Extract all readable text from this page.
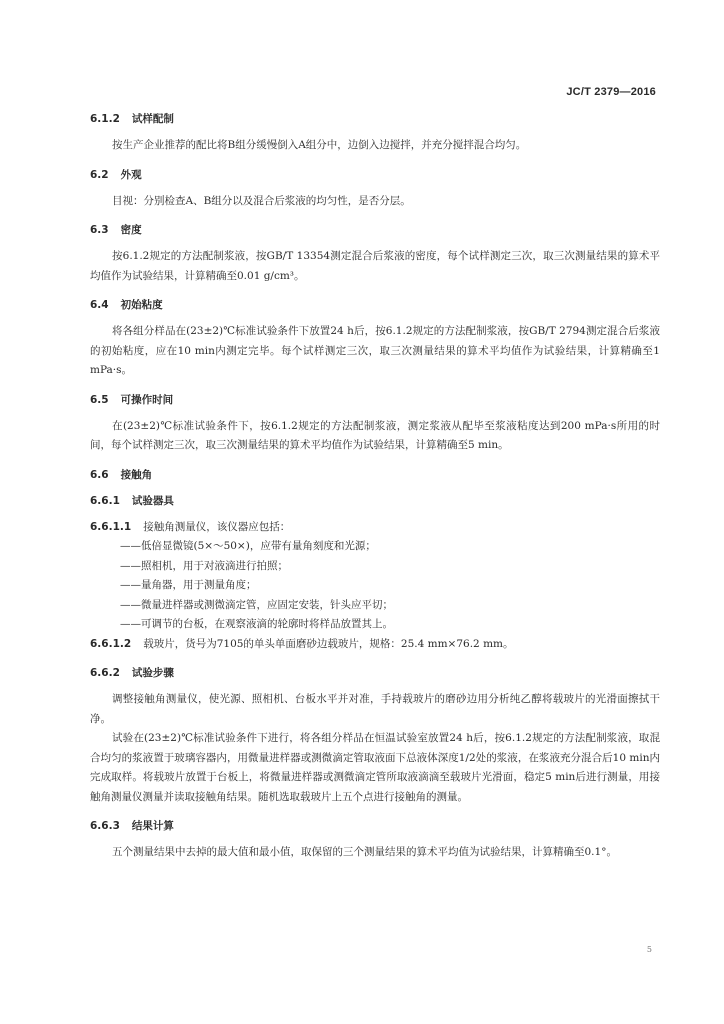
JC/T 2379—2016

6.1.2 试样配制

按生产企业推荐的配比将B组分缓慢倒入A组分中，边倒入边搅拌，并充分搅拌混合均匀。

6.2 外观

目视：分别检查A、B组分以及混合后浆液的均匀性，是否分层。

6.3 密度

按6.1.2规定的方法配制浆液，按GB/T 13354测定混合后浆液的密度，每个试样测定三次，取三次测量结果的算术平均值作为试验结果，计算精确至0.01 g/cm³。

6.4 初始粘度

将各组分样品在(23±2)℃标准试验条件下放置24 h后，按6.1.2规定的方法配制浆液，按GB/T 2794测定混合后浆液的初始粘度，应在10 min内测定完毕。每个试样测定三次，取三次测量结果的算术平均值作为试验结果，计算精确至1 mPa·s。

6.5 可操作时间

在(23±2)℃标准试验条件下，按6.1.2规定的方法配制浆液，测定浆液从配毕至浆液粘度达到200 mPa·s所用的时间，每个试样测定三次，取三次测量结果的算术平均值作为试验结果，计算精确至5 min。

6.6 接触角

6.6.1 试验器具

6.6.1.1 接触角测量仪，该仪器应包括：

——低倍显微镜(5×～50×)，应带有量角刻度和光源；

——照相机，用于对液滴进行拍照；

——量角器，用于测量角度；

——微量进样器或测微滴定管，应固定安装，针头应平切；

——可调节的台板，在观察液滴的轮廓时将样品放置其上。

6.6.1.2 载玻片，货号为7105的单头单面磨砂边载玻片，规格：25.4 mm×76.2 mm。

6.6.2 试验步骤

调整接触角测量仪，使光源、照相机、台板水平并对准，手持载玻片的磨砂边用分析纯乙醇将载玻片的光滑面擦拭干净。

试验在(23±2)℃标准试验条件下进行，将各组分样品在恒温试验室放置24 h后，按6.1.2规定的方法配制浆液，取混合均匀的浆液置于玻璃容器内，用微量进样器或测微滴定管取液面下总液体深度1/2处的浆液，在浆液充分混合后10 min内完成取样。将载玻片放置于台板上，将微量进样器或测微滴定管所取液滴滴至载玻片光滑面，稳定5 min后进行测量，用接触角测量仪测量并读取接触角结果。随机选取载玻片上五个点进行接触角的测量。

6.6.3 结果计算

五个测量结果中去掉的最大值和最小值，取保留的三个测量结果的算术平均值为试验结果，计算精确至0.1°。

5
